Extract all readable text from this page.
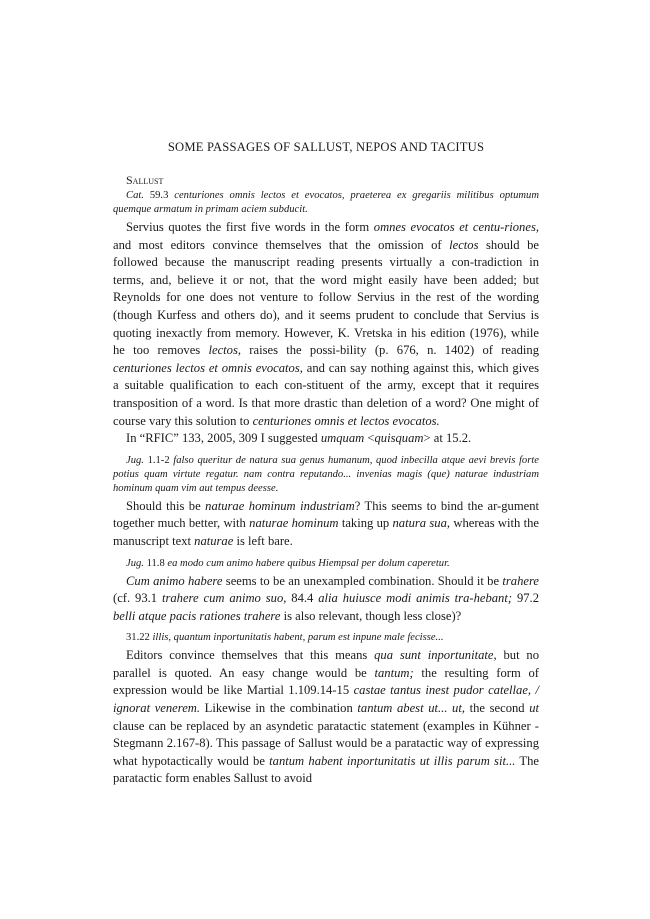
SOME PASSAGES OF SALLUST, NEPOS AND TACITUS
Sallust
Cat. 59.3 centuriones omnis lectos et evocatos, praeterea ex gregariis militibus optumum quemque armatum in primam aciem subducit.

Servius quotes the first five words in the form omnes evocatos et centu-riones, and most editors convince themselves that the omission of lectos should be followed because the manuscript reading presents virtually a con-tradiction in terms, and, believe it or not, that the word might easily have been added; but Reynolds for one does not venture to follow Servius in the rest of the wording (though Kurfess and others do), and it seems prudent to conclude that Servius is quoting inexactly from memory. However, K. Vretska in his edition (1976), while he too removes lectos, raises the possi-bility (p. 676, n. 1402) of reading centuriones lectos et omnis evocatos, and can say nothing against this, which gives a suitable qualification to each con-stituent of the army, except that it requires transposition of a word. Is that more drastic than deletion of a word? One might of course vary this solution to centuriones omnis et lectos evocatos.

In “RFIC” 133, 2005, 309 I suggested umquam <quisquam> at 15.2.

Jug. 1.1-2 falso queritur de natura sua genus humanum, quod inbecilla atque aevi brevis forte potius quam virtute regatur. nam contra reputando... invenias magis (que) naturae industriam hominum quam vim aut tempus deesse.

Should this be naturae hominum industriam? This seems to bind the ar-gument together much better, with naturae hominum taking up natura sua, whereas with the manuscript text naturae is left bare.

Jug. 11.8 ea modo cum animo habere quibus Hiempsal per dolum caperetur.

Cum animo habere seems to be an unexampled combination. Should it be trahere (cf. 93.1 trahere cum animo suo, 84.4 alia huiusce modi animis tra-hebant; 97.2 belli atque pacis rationes trahere is also relevant, though less close)?

31.22 illis, quantum inportunitatis habent, parum est inpune male fecisse...

Editors convince themselves that this means qua sunt inportunitate, but no parallel is quoted. An easy change would be tantum; the resulting form of expression would be like Martial 1.109.14-15 castae tantus inest pudor catellae, / ignorat venerem. Likewise in the combination tantum abest ut... ut, the second ut clause can be replaced by an asyndetic paratactic statement (examples in Kühner - Stegmann 2.167-8). This passage of Sallust would be a paratactic way of expressing what hypotactically would be tantum habent inportunitatis ut illis parum sit... The paratactic form enables Sallust to avoid
